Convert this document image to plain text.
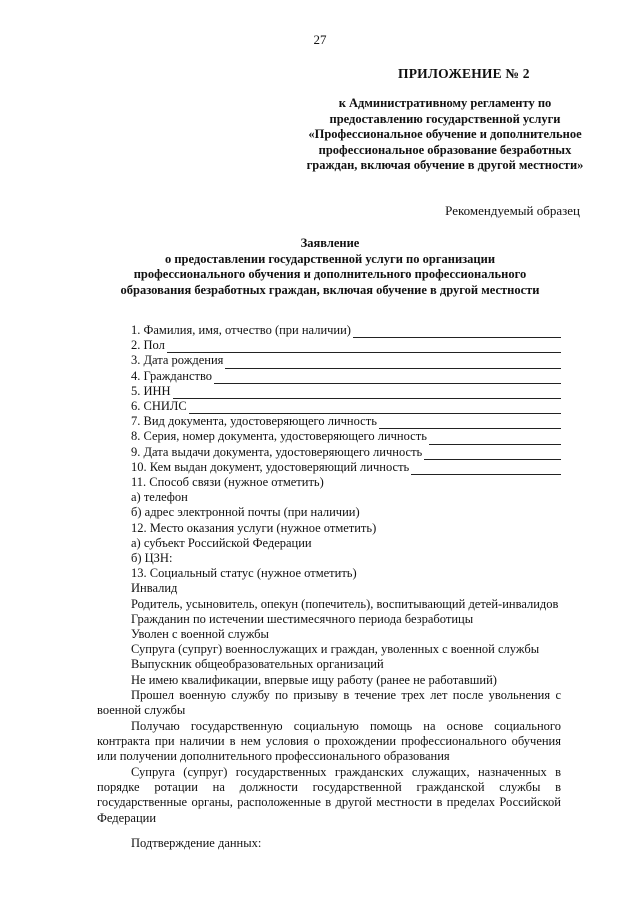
27
ПРИЛОЖЕНИЕ № 2
к Административному регламенту по
предоставлению государственной услуги
«Профессиональное обучение и дополнительное
профессиональное образование безработных
граждан, включая обучение в другой местности»
Рекомендуемый образец
Заявление
о предоставлении государственной услуги по организации
профессионального обучения и дополнительного профессионального
образования безработных граждан, включая обучение в другой местности
1. Фамилия, имя, отчество (при наличии)
2. Пол
3. Дата рождения
4. Гражданство
5. ИНН
6. СНИЛС
7. Вид документа, удостоверяющего личность
8. Серия, номер документа, удостоверяющего личность
9. Дата выдачи документа, удостоверяющего личность
10. Кем выдан документ, удостоверяющий личность
11. Способ связи (нужное отметить)
а) телефон
б) адрес электронной почты (при наличии)
12. Место оказания услуги (нужное отметить)
а) субъект Российской Федерации
б) ЦЗН:
13. Социальный статус (нужное отметить)
Инвалид
Родитель, усыновитель, опекун (попечитель), воспитывающий детей-инвалидов
Гражданин по истечении шестимесячного периода безработицы
Уволен с военной службы
Супруга (супруг) военнослужащих и граждан, уволенных с военной службы
Выпускник общеобразовательных организаций
Не имею квалификации, впервые ищу работу (ранее не работавший)
Прошел военную службу по призыву в течение трех лет после увольнения с военной службы
Получаю государственную социальную помощь на основе социального контракта при наличии в нем условия о прохождении профессионального обучения или получении дополнительного профессионального образования
Супруга (супруг) государственных гражданских служащих, назначенных в порядке ротации на должности государственной гражданской службы в государственные органы, расположенные в другой местности в пределах Российской Федерации
Подтверждение данных:
